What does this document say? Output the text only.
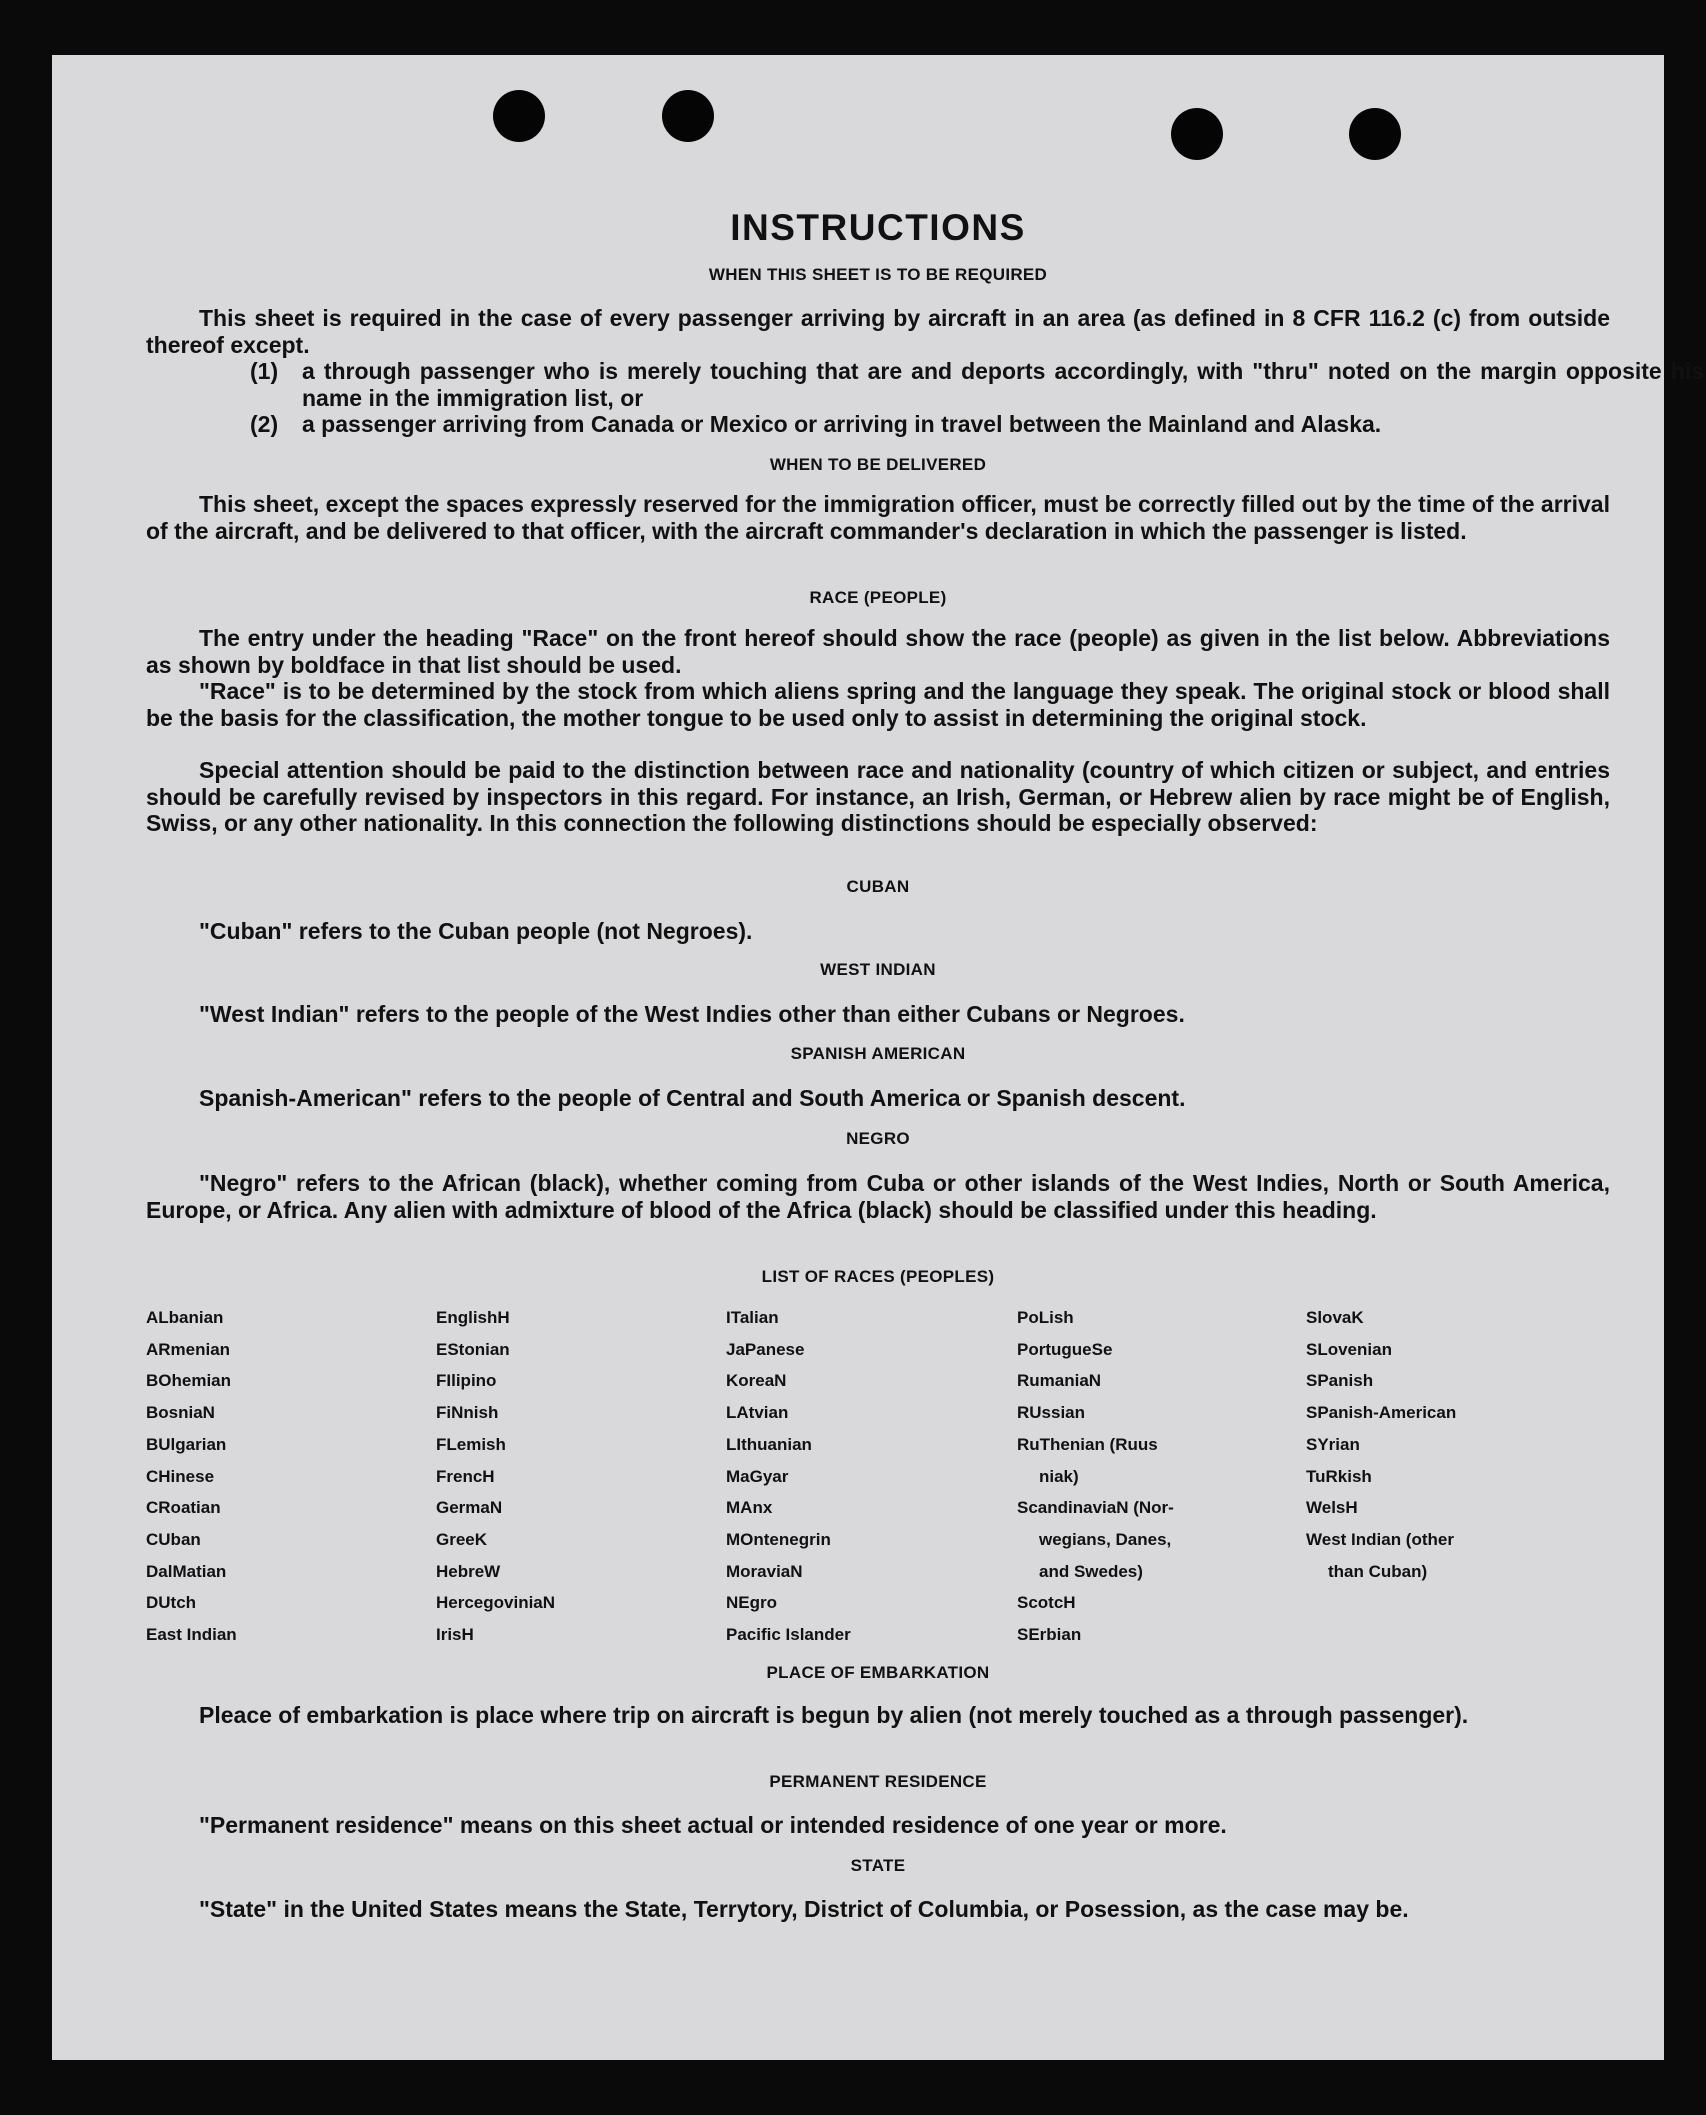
INSTRUCTIONS
WHEN THIS SHEET IS TO BE REQUIRED

This sheet is required in the case of every passenger arriving by aircraft in an area (as defined in 8 CFR 116.2 (c) from outside thereof except.

(1) a through passenger who is merely touching that are and deports accordingly, with "thru" noted on the margin opposite his name in the immigration list, or
(2) a passenger arriving from Canada or Mexico or arriving in travel between the Mainland and Alaska.
WHEN TO BE DELIVERED

This sheet, except the spaces expressly reserved for the immigration officer, must be correctly filled out by the time of the arrival of the aircraft, and be delivered to that officer, with the aircraft commander's declaration in which the passenger is listed.

RACE (PEOPLE)

The entry under the heading "Race" on the front hereof should show the race (people) as given in the list below. Abbreviations as shown by boldface in that list should be used.

"Race" is to be determined by the stock from which aliens spring and the language they speak. The original stock or blood shall be the basis for the classification, the mother tongue to be used only to assist in determining the original stock.

Special attention should be paid to the distinction between race and nationality (country of which citizen or subject, and entries should be carefully revised by inspectors in this regard. For instance, an Irish, German, or Hebrew alien by race might be of English, Swiss, or any other nationality. In this connection the following distinctions should be especially observed:

CUBAN

"Cuban" refers to the Cuban people (not Negroes).

WEST INDIAN

"West Indian" refers to the people of the West Indies other than either Cubans or Negroes.

SPANISH AMERICAN

Spanish-American" refers to the people of Central and South America or Spanish descent.

NEGRO

"Negro" refers to the African (black), whether coming from Cuba or other islands of the West Indies, North or South America, Europe, or Africa. Any alien with admixture of blood of the Africa (black) should be classified under this heading.

LIST OF RACES (PEOPLES)
ALbanian
ARmenian
BOhemian
BosniaN
BUlgarian
CHinese
CRoatian
CUban
DalMatian
DUtch
East Indian
EnglishH
EStonian
FIlipino
FiNnish
FLemish
FrencH
GermaN
GreeK
HebreW
HercegoviniaN
IrisH
ITalian
JaPanese
KoreaN
LAtvian
LIthuanian
MaGyar
MAnx
MOntenegrin
MoraviaN
NEgro
Pacific Islander
PoLish
PortugueSe
RumaniaN
RUssian
RuThenian (Ruus
niak)
ScandinaviaN (Nor-
wegians, Danes,
and Swedes)
ScotcH
SErbian
SlovaK
SLovenian
SPanish
SPanish-American
SYrian
TuRkish
WelsH
West Indian (other
than Cuban)
PLACE OF EMBARKATION

Pleace of embarkation is place where trip on aircraft is begun by alien (not merely touched as a through passenger).

PERMANENT RESIDENCE

"Permanent residence" means on this sheet actual or intended residence of one year or more.

STATE

"State" in the United States means the State, Terrytory, District of Columbia, or Posession, as the case may be.
